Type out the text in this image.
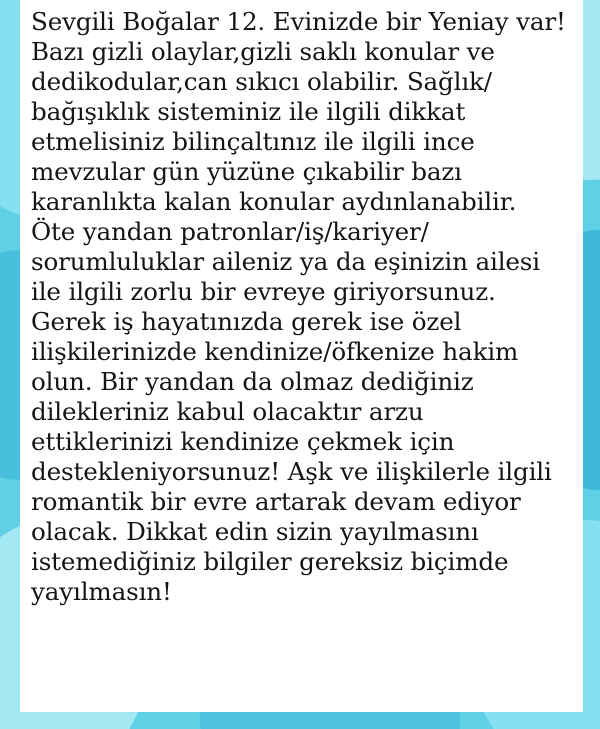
Sevgili Boğalar 12. Evinizde bir Yeniay var!

Bazı gizli olaylar,gizli saklı konular ve

dedikodular,can sıkıcı olabilir. Sağlık/

bağışıklık sisteminiz ile ilgili dikkat

etmelisiniz bilinçaltınız ile ilgili ince

mevzular gün yüzüne çıkabilir bazı

karanlıkta kalan konular aydınlanabilir.

Öte yandan patronlar/iş/kariyer/

sorumluluklar aileniz ya da eşinizin ailesi

ile ilgili zorlu bir evreye giriyorsunuz.

Gerek iş hayatınızda gerek ise özel

ilişkilerinizde kendinize/öfkenize hakim

olun. Bir yandan da olmaz dediğiniz

dilekleriniz kabul olacaktır arzu

ettiklerinizi kendinize çekmek için

destekleniyorsunuz! Aşk ve ilişkilerle ilgili

romantik bir evre artarak devam ediyor

olacak. Dikkat edin sizin yayılmasını

istemediğiniz bilgiler gereksiz biçimde

yayılmasın!
